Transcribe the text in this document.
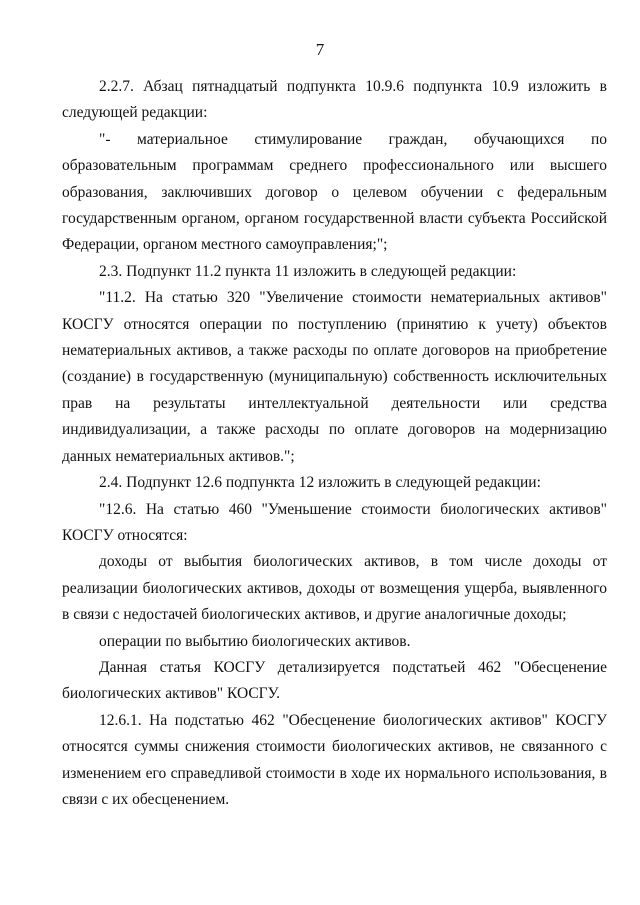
7

2.2.7. Абзац пятнадцатый подпункта 10.9.6 подпункта 10.9 изложить в следующей редакции:

"- материальное стимулирование граждан, обучающихся по образовательным программам среднего профессионального или высшего образования, заключивших договор о целевом обучении с федеральным государственным органом, органом государственной власти субъекта Российской Федерации, органом местного самоуправления;";

2.3. Подпункт 11.2 пункта 11 изложить в следующей редакции:

"11.2. На статью 320 "Увеличение стоимости нематериальных активов" КОСГУ относятся операции по поступлению (принятию к учету) объектов нематериальных активов, а также расходы по оплате договоров на приобретение (создание) в государственную (муниципальную) собственность исключительных прав на результаты интеллектуальной деятельности или средства индивидуализации, а также расходы по оплате договоров на модернизацию данных нематериальных активов.";

2.4. Подпункт 12.6 подпункта 12 изложить в следующей редакции:

"12.6. На статью 460 "Уменьшение стоимости биологических активов" КОСГУ относятся:

доходы от выбытия биологических активов, в том числе доходы от реализации биологических активов, доходы от возмещения ущерба, выявленного в связи с недостачей биологических активов, и другие аналогичные доходы;

операции по выбытию биологических активов.

Данная статья КОСГУ детализируется подстатьей 462 "Обесценение биологических активов" КОСГУ.

12.6.1. На подстатью 462 "Обесценение биологических активов" КОСГУ относятся суммы снижения стоимости биологических активов, не связанного с изменением его справедливой стоимости в ходе их нормального использования, в связи с их обесценением.
